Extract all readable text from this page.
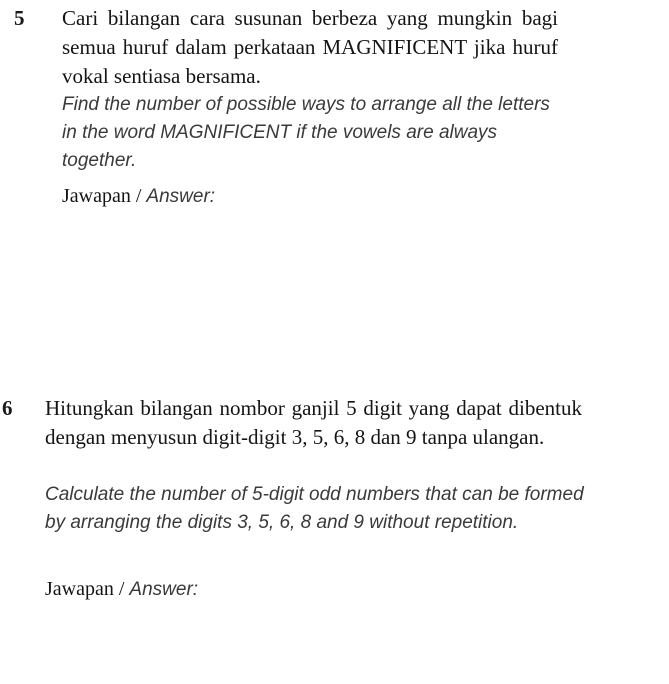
5 Cari bilangan cara susunan berbeza yang mungkin bagi semua huruf dalam perkataan MAGNIFICENT jika huruf vokal sentiasa bersama.
Find the number of possible ways to arrange all the letters in the word MAGNIFICENT if the vowels are always together.
Jawapan / Answer:
6 Hitungkan bilangan nombor ganjil 5 digit yang dapat dibentuk dengan menyusun digit-digit 3, 5, 6, 8 dan 9 tanpa ulangan.
Calculate the number of 5-digit odd numbers that can be formed by arranging the digits 3, 5, 6, 8 and 9 without repetition.
Jawapan / Answer:
